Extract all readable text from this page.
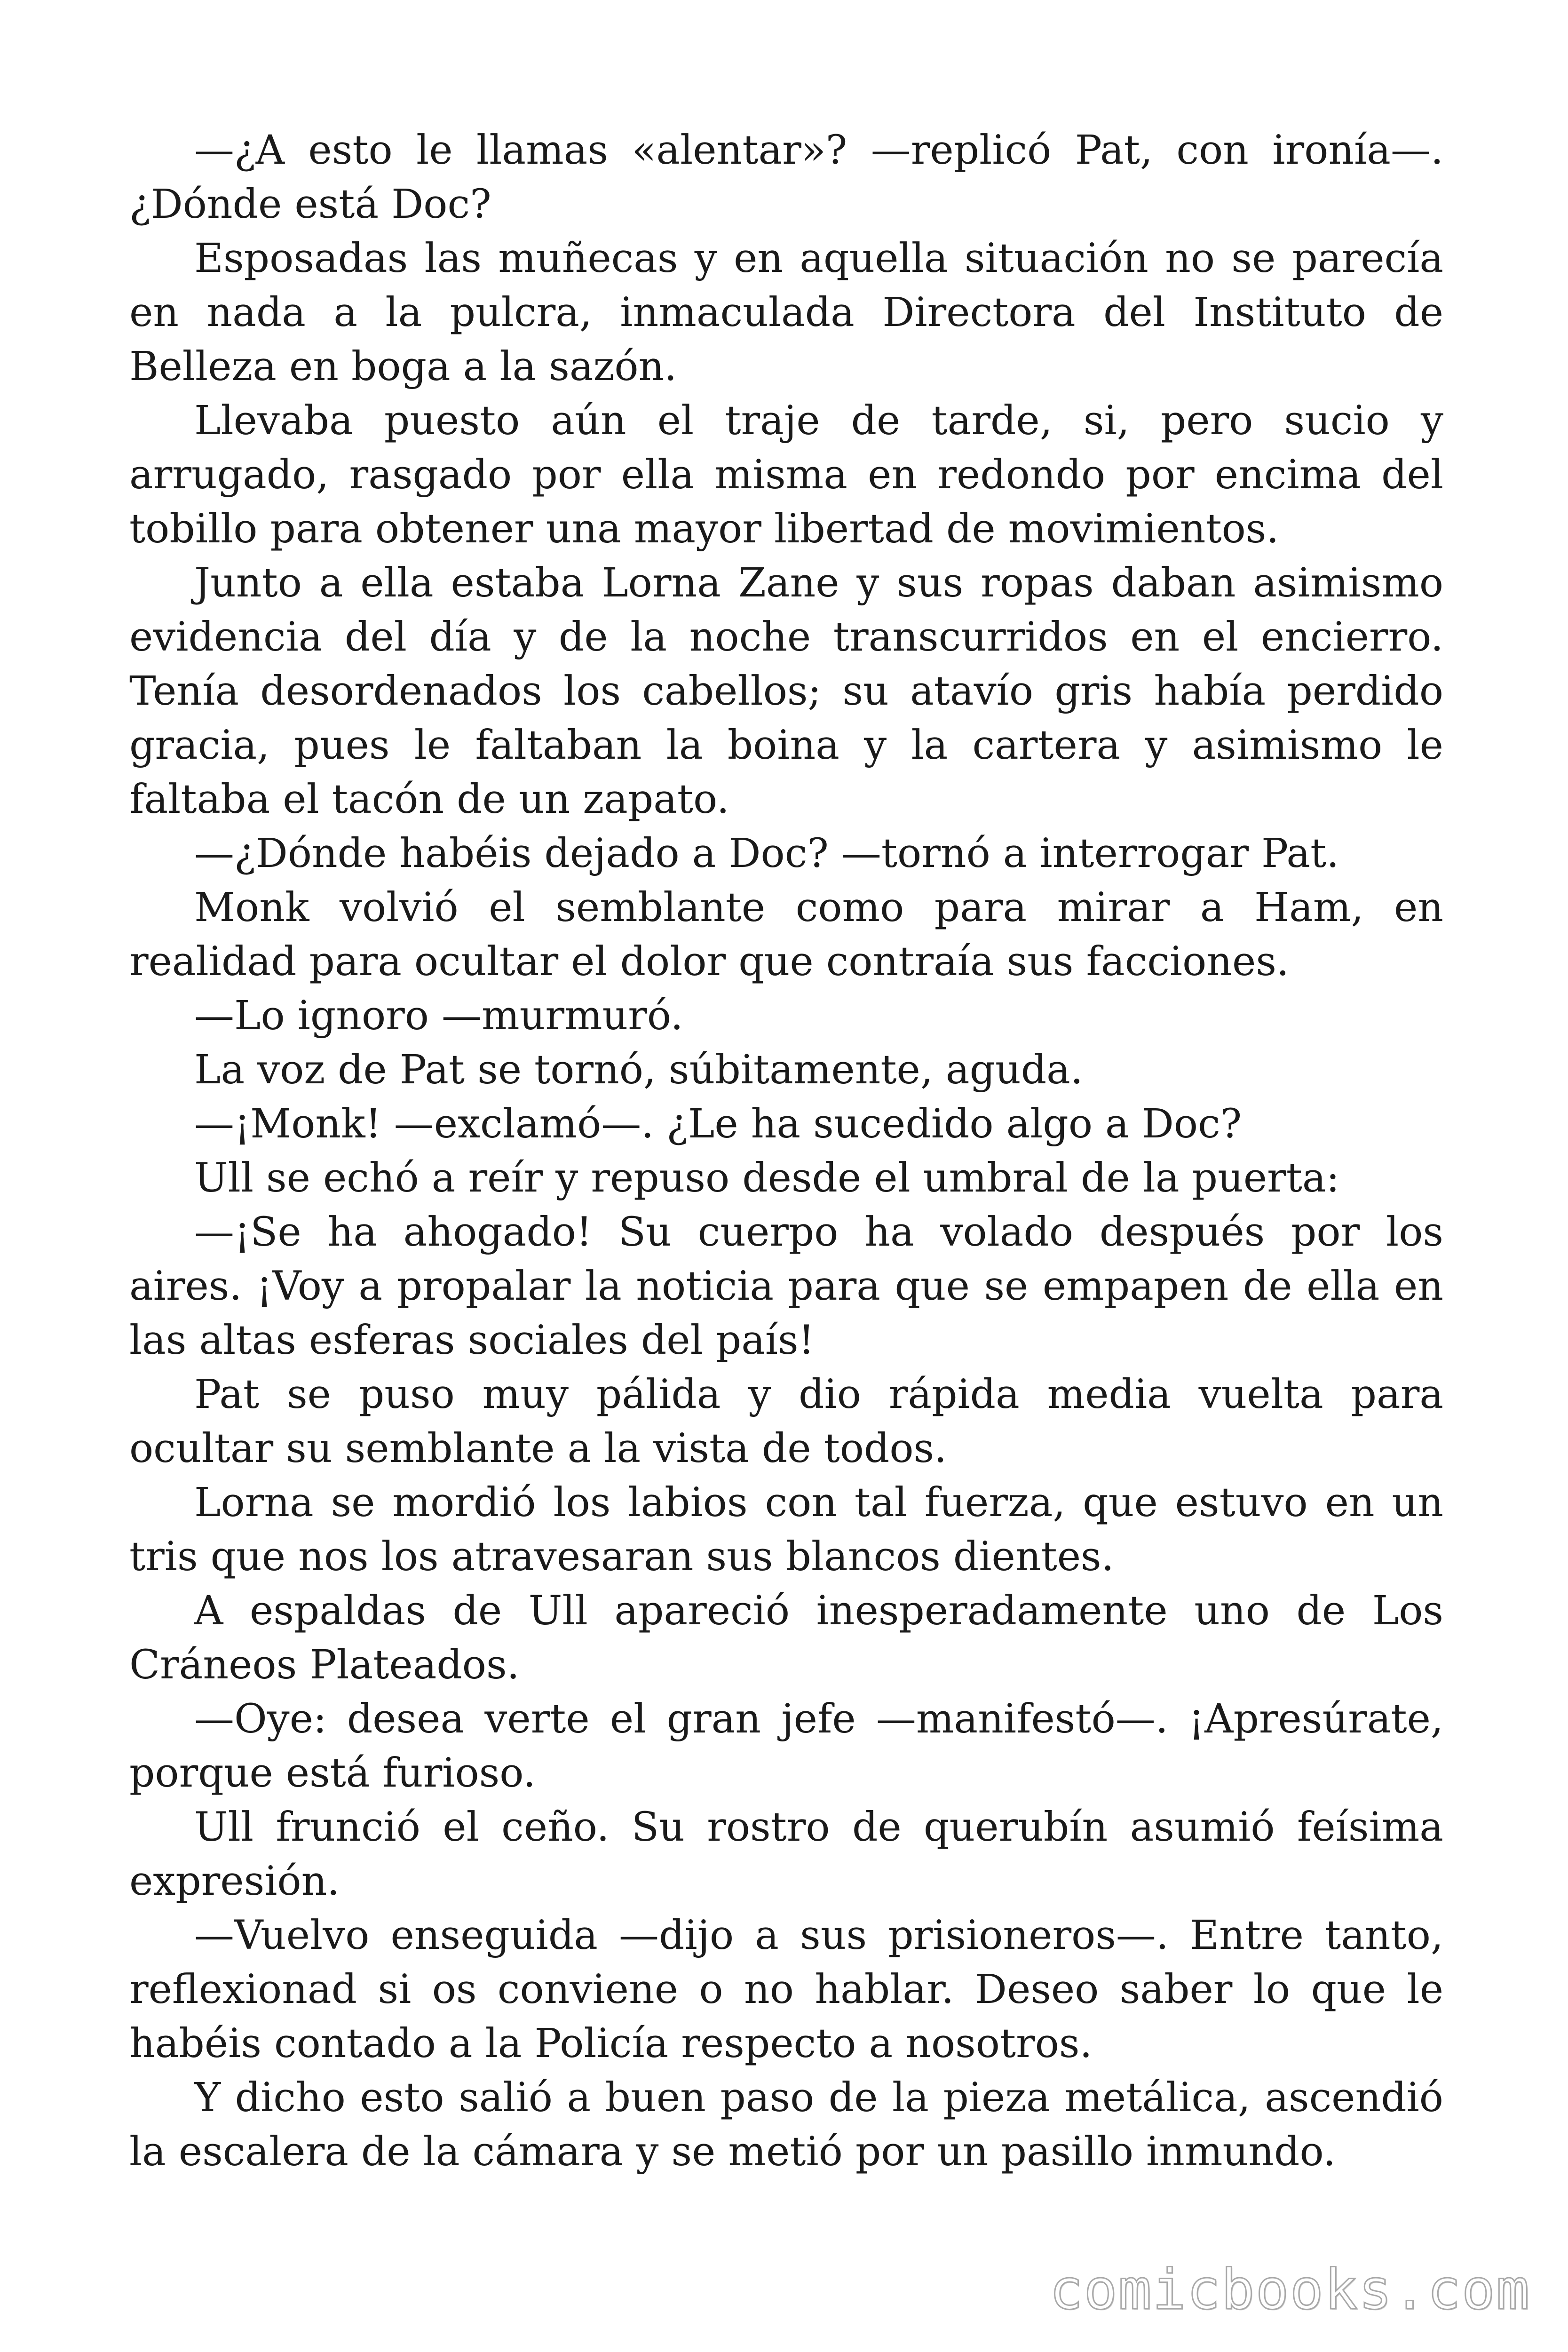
—¿A esto le llamas «alentar»? —replicó Pat, con ironía—. ¿Dónde está Doc?

Esposadas las muñecas y en aquella situación no se parecía en nada a la pulcra, inmaculada Directora del Instituto de Belleza en boga a la sazón.

Llevaba puesto aún el traje de tarde, si, pero sucio y arrugado, rasgado por ella misma en redondo por encima del tobillo para obtener una mayor libertad de movimientos.

Junto a ella estaba Lorna Zane y sus ropas daban asimismo evidencia del día y de la noche transcurridos en el encierro. Tenía desordenados los cabellos; su atavío gris había perdido gracia, pues le faltaban la boina y la cartera y asimismo le faltaba el tacón de un zapato.

—¿Dónde habéis dejado a Doc? —tornó a interrogar Pat.

Monk volvió el semblante como para mirar a Ham, en realidad para ocultar el dolor que contraía sus facciones.

—Lo ignoro —murmuró.

La voz de Pat se tornó, súbitamente, aguda.

—¡Monk! —exclamó—. ¿Le ha sucedido algo a Doc?

Ull se echó a reír y repuso desde el umbral de la puerta:

—¡Se ha ahogado! Su cuerpo ha volado después por los aires. ¡Voy a propalar la noticia para que se empapen de ella en las altas esferas sociales del país!

Pat se puso muy pálida y dio rápida media vuelta para ocultar su semblante a la vista de todos.

Lorna se mordió los labios con tal fuerza, que estuvo en un tris que nos los atravesaran sus blancos dientes.

A espaldas de Ull apareció inesperadamente uno de Los Cráneos Plateados.

—Oye: desea verte el gran jefe —manifestó—. ¡Apresúrate, porque está furioso.

Ull frunció el ceño. Su rostro de querubín asumió feísima expresión.

—Vuelvo enseguida —dijo a sus prisioneros—. Entre tanto, reflexionad si os conviene o no hablar. Deseo saber lo que le habéis contado a la Policía respecto a nosotros.

Y dicho esto salió a buen paso de la pieza metálica, ascendió la escalera de la cámara y se metió por un pasillo inmundo.

comicbooks.com
